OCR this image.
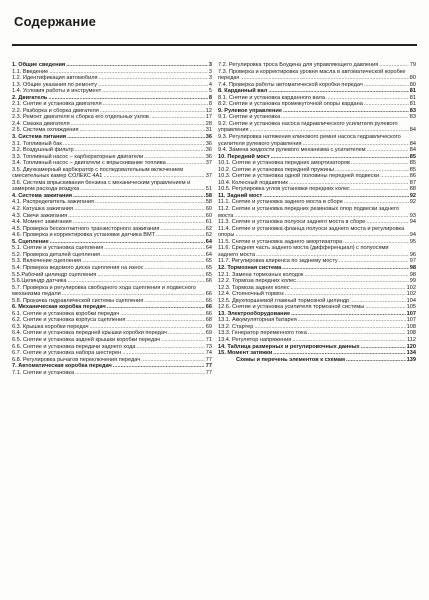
Содержание
1. Общие сведения .....	3
1.1. Введение .....	3
1.2. Идентификация автомобиля .....	3
1.3. Общие указания по ремонту .....	4
1.4. Условия работы и инструмент .....	5
2. Двигатель .....	8
2.1. Снятие и установка двигателя .....	8
2.2. Разборка и сборка двигателя .....	12
2.3. Ремонт двигателя и сборка его отдельных узлов .....	17
2.4. Смазка двигателя .....	28
2.5. Система охлаждения .....	31
3. Система питания .....	36
3.1. Топливный бак .....	36
3.2. Воздушный фильтр .....	36
3.3. Топливный насос – карбюраторные двигатели .....	36
3.4. Топливный насос – двигатели с впрыскивание топлива .....	37
3.5. Двухкамерный карбюратор с последовательным включением смесительных камер СОЛЕКС 4А1 .....	37
3.6. Система впрыскивания бензина с механическим управлением и замером расхода воздуха .....	51
4. Система зажигания .....	58
4.1. Распределитель зажигания .....	58
4.2. Катушка зажигания .....	60
4.3. Свечи зажигания .....	60
4.4. Момент зажигания .....	61
4.5. Проверка бесконтактного транзисторного зажигания .....	62
4.6. Проверка и корректировка установки датчика ВМТ .....	62
5. Сцепление .....	64
5.1. Снятие и установка сцепления .....	64
5.2. Проверка деталей сцепления .....	64
5.3. Включение сцепления .....	65
5.4. Проверка ведомого диска сцепления на износ .....	65
5.5.Рабочий цилиндр сцепления .....	65
5.6.Цилиндр датчика .....	66
5.7. Проверка и регулировка свободного хода сцепления и подвесного механизма педали .....	66
5.8. Прокачка гидравлической системы сцепления .....	66
6. Механическая коробка передач .....	66
6.1. Снятие и установка коробки передач .....	66
6.2. Снятие и установка корпуса сцепления .....	68
6.3. Крышка коробки передач .....	69
6.4. Снятие и установка передней крышки коробки передач .....	69
6.5. Снятие и установка задней крышки коробки передач .....	71
6.6. Снятие и установка передачи заднего хода .....	73
6.7. Снятие и установка набора шестерен .....	74
6.8. Регулировка рычагов переключения передач .....	77
7. Автоматическая коробка передач .....	77
7.1. Снятие и установка .....	77
7.2. Регулировка троса Боудена для управляющего давления .....	79
7.3. Проверка и корректировка уровня масла в автоматической коробке передач .....	80
7.4. Проверка работы автоматической коробки передач .....	80
8. Карданный вал .....	81
8.1. Снятие и установка карданного вала .....	81
8.2. Снятие и установка промежуточной опоры кардана .....	81
9. Рулевое управление .....	83
9.1. Снятие и установка .....	83
9.2. Снятие и установка насоса гидравлического усилителя рулевого управления .....	84
9.3. Регулировка натяжения клинового ремня насоса гидравлического усилителя рулевого управления .....	84
9.4. Замена жидкости рулевого механизма с усилителем .....	84
10. Передний мост .....	85
10.1. Снятие и установка передних амортизаторов .....	85
10.2. Снятие и установка передней пружины .....	85
10.3. Снятие и установка одной половины передней подвески .....	86
10.4. Колесный подшипник .....	87
10.5. Регулировка углов установки передних колес .....	88
11. Задний мост .....	92
11.1. Снятие и установка заднего моста в сборе .....	92
11.2. Снятие и установка передних резиновых опор подвески заднего моста .....	93
11.3. Снятие и установка полуоси заднего моста в сборе .....	94
11.4. Снятие и установка фланца полуоси заднего моста и регулировка опоры .....	94
11.5. Снятие и установка заднего амортизатора .....	95
11.6. Средняя часть заднего моста (дифференциал) с полуосями заднего моста .....	96
11.7. Регулировка клиренса по заднему мосту .....	97
12. Тормозная система .....	98
12.1. Замена тормозных колодок .....	98
12.2. Тормоза передних колес .....	99
12.3. Тормоза задних колес .....	102
12.4. Стояночный тормоз .....	102
12.5. Двухпоршневой главный тормозной цилиндр .....	104
12.6. Снятие и установка усилителя тормозной системы .....	105
13. Электрооборудование .....	107
13.1. Аккумуляторная батарея .....	107
13.2. Стартер .....	108
13.3. Генератор переменного тока .....	108
13.4. Регулятор напряжения .....	112
14. Таблица размерных и регулировочных данных .....	120
15. Момент затяжки .....	134
Схемы и перечень элементов к схемам .....	139
